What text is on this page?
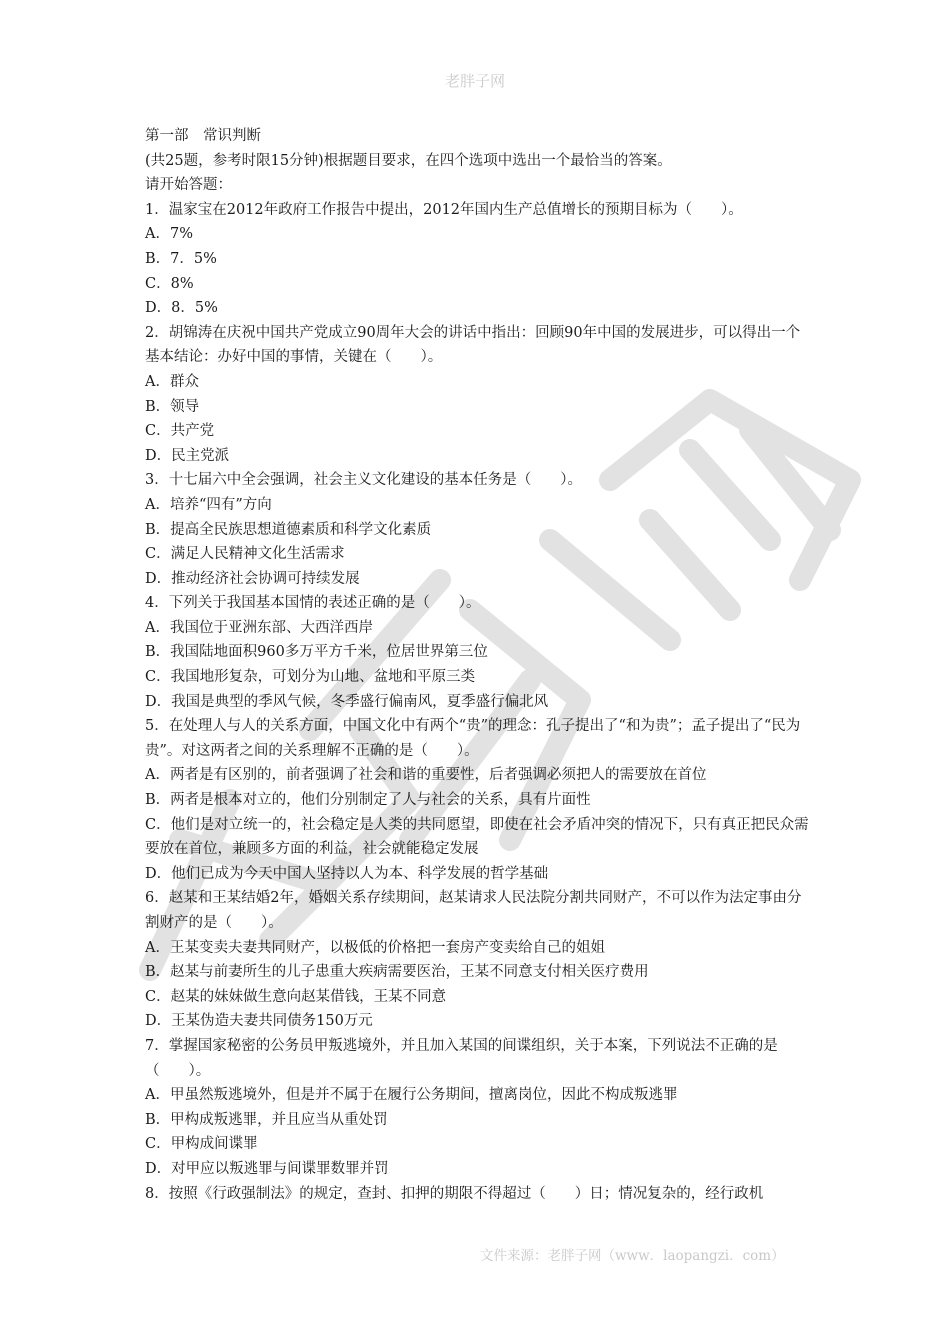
老胖子网
第一部　常识判断
(共25题，参考时限15分钟)根据题目要求，在四个选项中选出一个最恰当的答案。
请开始答题：
1．温家宝在2012年政府工作报告中提出，2012年国内生产总值增长的预期目标为（　　）。
A．7%
B．7．5%
C．8%
D．8．5%
2．胡锦涛在庆祝中国共产党成立90周年大会的讲话中指出：回顾90年中国的发展进步，可以得出一个基本结论：办好中国的事情，关键在（　　）。
A．群众
B．领导
C．共产党
D．民主党派
3．十七届六中全会强调，社会主义文化建设的基本任务是（　　）。
A．培养“四有”方向
B．提高全民族思想道德素质和科学文化素质
C．满足人民精神文化生活需求
D．推动经济社会协调可持续发展
4．下列关于我国基本国情的表述正确的是（　　）。
A．我国位于亚洲东部、大西洋西岸
B．我国陆地面积960多万平方千米，位居世界第三位
C．我国地形复杂，可划分为山地、盆地和平原三类
D．我国是典型的季风气候，冬季盛行偏南风，夏季盛行偏北风
5．在处理人与人的关系方面，中国文化中有两个“贵”的理念：孔子提出了“和为贵”；孟子提出了“民为贵”。对这两者之间的关系理解不正确的是（　　）。
A．两者是有区别的，前者强调了社会和谐的重要性，后者强调必须把人的需要放在首位
B．两者是根本对立的，他们分别制定了人与社会的关系，具有片面性
C．他们是对立统一的，社会稳定是人类的共同愿望，即使在社会矛盾冲突的情况下，只有真正把民众需要放在首位，兼顾多方面的利益，社会就能稳定发展
D．他们已成为今天中国人坚持以人为本、科学发展的哲学基础
6．赵某和王某结婚2年，婚姻关系存续期间，赵某请求人民法院分割共同财产，不可以作为法定事由分割财产的是（　　）。
A．王某变卖夫妻共同财产，以极低的价格把一套房产变卖给自己的姐姐
B．赵某与前妻所生的儿子患重大疾病需要医治，王某不同意支付相关医疗费用
C．赵某的妹妹做生意向赵某借钱，王某不同意
D．王某伪造夫妻共同债务150万元
7．掌握国家秘密的公务员甲叛逃境外，并且加入某国的间谍组织，关于本案，下列说法不正确的是（　　）。
A．甲虽然叛逃境外，但是并不属于在履行公务期间，擅离岗位，因此不构成叛逃罪
B．甲构成叛逃罪，并且应当从重处罚
C．甲构成间谍罪
D．对甲应以叛逃罪与间谍罪数罪并罚
8．按照《行政强制法》的规定，查封、扣押的期限不得超过（　　）日；情况复杂的，经行政机
文件来源：老胖子网（www．laopangzi．com）
